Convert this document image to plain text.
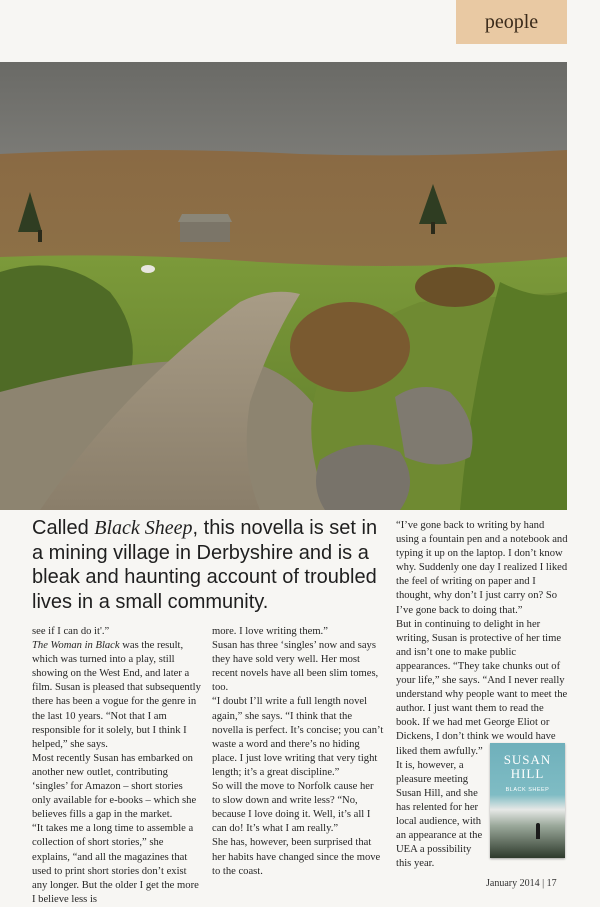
people
Called Black Sheep, this novella is set in a mining village in Derbyshire and is a bleak and haunting account of troubled lives in a small community.

see if I can do it'.”

The Woman in Black was the result, which was turned into a play, still showing on the West End, and later a film. Susan is pleased that subsequently there has been a vogue for the genre in the last 10 years. “Not that I am responsible for it solely, but I think I helped,” she says.

Most recently Susan has embarked on another new outlet, contributing ‘singles’ for Amazon – short stories only available for e-books – which she believes fills a gap in the market.

“It takes me a long time to assemble a collection of short stories,” she explains, “and all the magazines that used to print short stories don’t exist any longer. But the older I get the more I believe less is

more. I love writing them.”

Susan has three ‘singles’ now and says they have sold very well. Her most recent novels have all been slim tomes, too.

“I doubt I’ll write a full length novel again,” she says. “I think that the novella is perfect. It’s concise; you can’t waste a word and there’s no hiding place. I just love writing that very tight length; it’s a great discipline.”

So will the move to Norfolk cause her to slow down and write less? “No, because I love doing it. Well, it’s all I can do! It’s what I am really.”

She has, however, been surprised that her habits have changed since the move to the coast.

“I’ve gone back to writing by hand using a fountain pen and a notebook and typing it up on the laptop. I don’t know why. Suddenly one day I realized I liked the feel of writing on paper and I thought, why don’t I just carry on? So I’ve gone back to doing that.”

But in continuing to delight in her writing, Susan is protective of her time and isn’t one to make public appearances. “They take chunks out of your life,” she says. “And I never really understand why people want to meet the author. I just want them to read the book. If we had met George Eliot or Dickens, I don’t think we would have liked them awfully.”

It is, however, a pleasure meeting Susan Hill, and she has relented for her local audience, with an appearance at the UEA a possibility this year.

SUSAN
HILL
BLACK SHEEP
January 2014 | 17
